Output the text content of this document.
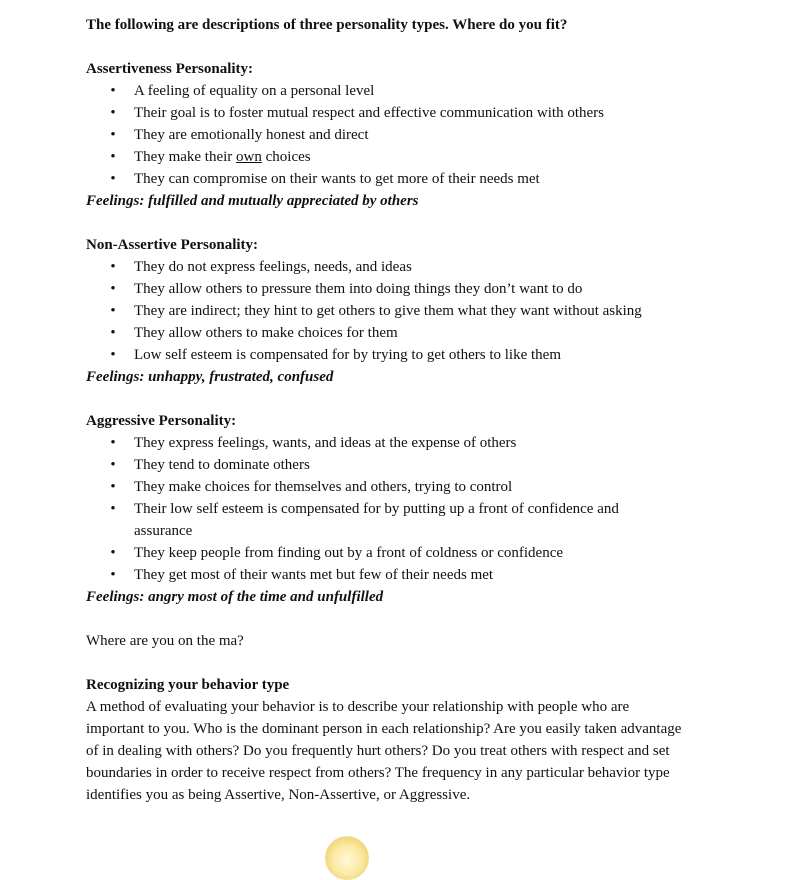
The following are descriptions of three personality types. Where do you fit?
Assertiveness Personality:
• A feeling of equality on a personal level
• Their goal is to foster mutual respect and effective communication with others
• They are emotionally honest and direct
• They make their own choices
• They can compromise on their wants to get more of their needs met
Feelings: fulfilled and mutually appreciated by others
Non-Assertive Personality:
• They do not express feelings, needs, and ideas
• They allow others to pressure them into doing things they don’t want to do
• They are indirect; they hint to get others to give them what they want without asking
• They allow others to make choices for them
• Low self esteem is compensated for by trying to get others to like them
Feelings: unhappy, frustrated, confused
Aggressive Personality:
• They express feelings, wants, and ideas at the expense of others
• They tend to dominate others
• They make choices for themselves and others, trying to control
• Their low self esteem is compensated for by putting up a front of confidence and assurance
• They keep people from finding out by a front of coldness or confidence
• They get most of their wants met but few of their needs met
Feelings: angry most of the time and unfulfilled
Where are you on the ma?
Recognizing your behavior type
A method of evaluating your behavior is to describe your relationship with people who are important to you. Who is the dominant person in each relationship? Are you easily taken advantage of in dealing with others? Do you frequently hurt others? Do you treat others with respect and set boundaries in order to receive respect from others? The frequency in any particular behavior type identifies you as being Assertive, Non-Assertive, or Aggressive.
